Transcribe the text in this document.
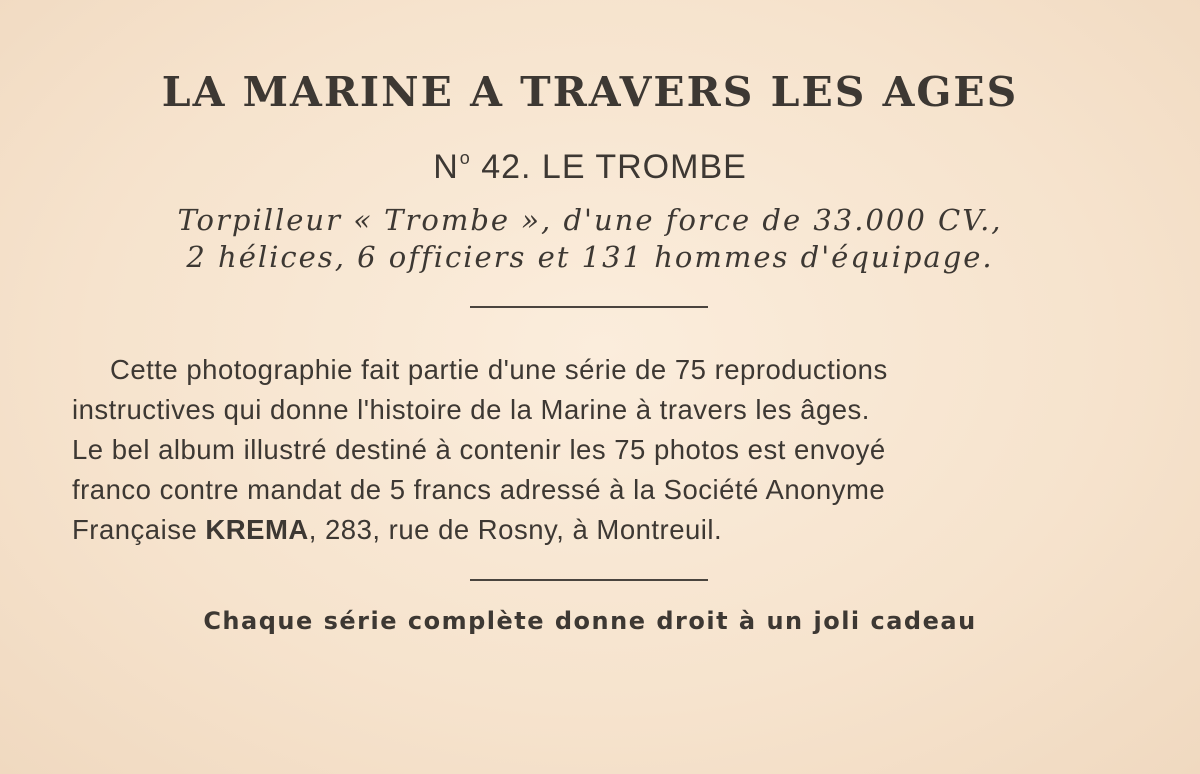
LA MARINE A TRAVERS LES AGES
$N^o$ 42. LE TROMBE
Torpilleur « Trombe », d'une force de 33.000 CV.,
2 hélices, 6 officiers et 131 hommes d'équipage.
Cette photographie fait partie d'une série de 75 reproductions
instructives qui donne l'histoire de la Marine à travers les âges.
Le bel album illustré destiné à contenir les 75 photos est envoyé
franco contre mandat de 5 francs adressé à la Société Anonyme
Française KREMA, 283, rue de Rosny, à Montreuil.
Chaque série complète donne droit à un joli cadeau
